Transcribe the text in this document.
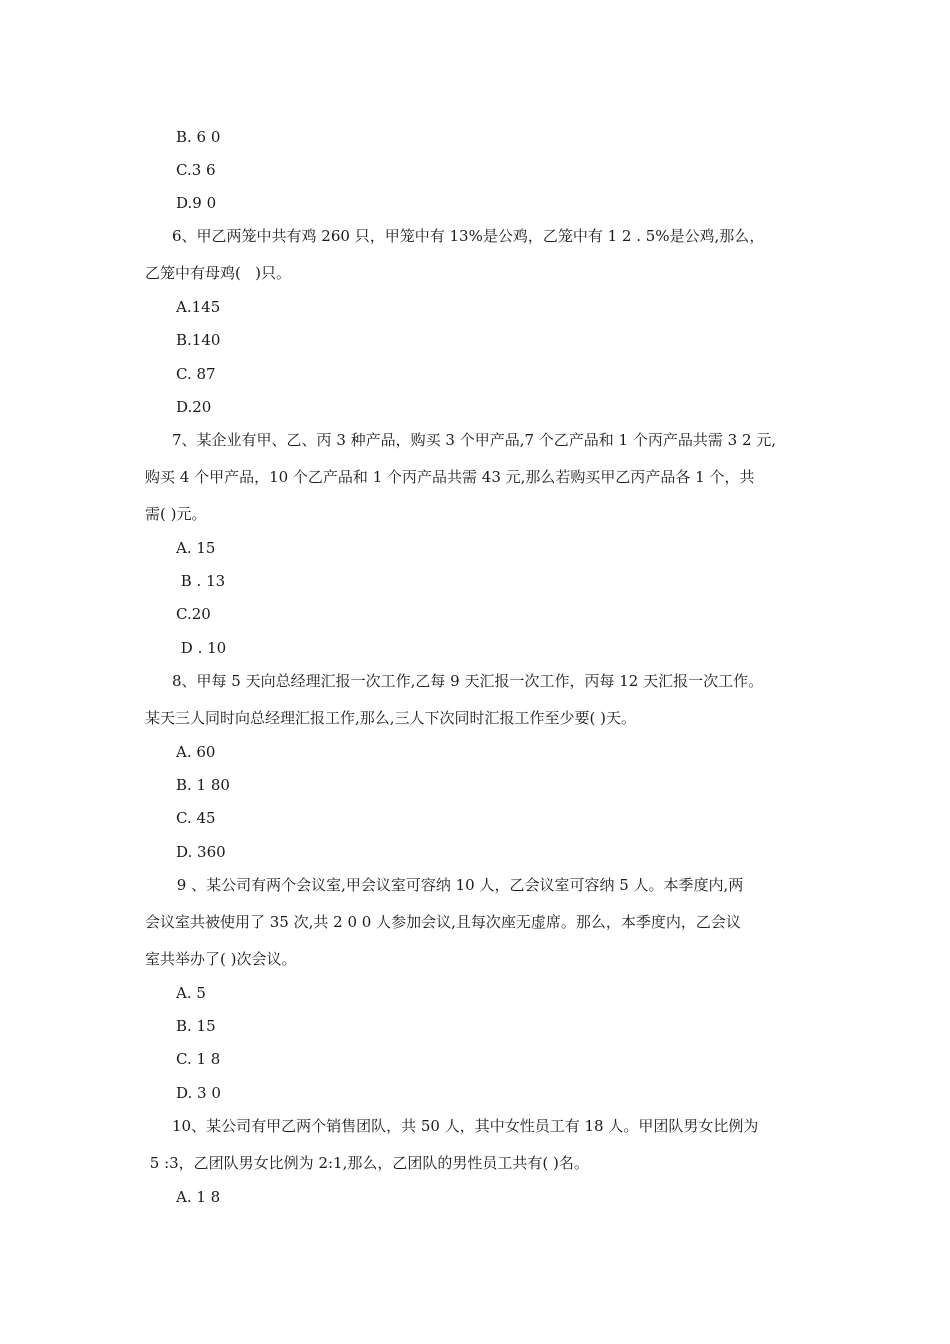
B. 6 0
C.3 6
D.9 0
6、甲乙两笼中共有鸡 260 只，甲笼中有 13%是公鸡，乙笼中有 1 2 . 5%是公鸡,那么，
乙笼中有母鸡(   )只。
A.145
B.140
C. 87
D.20
7、某企业有甲、乙、丙 3 种产品，购买 3 个甲产品,7 个乙产品和 1 个丙产品共需 3 2 元,
购买 4 个甲产品，10 个乙产品和 1 个丙产品共需 43 元,那么若购买甲乙丙产品各 1 个，共
需( )元。
A. 15
B . 13
C.20
D . 10
8、甲每 5 天向总经理汇报一次工作,乙每 9 天汇报一次工作，丙每 12 天汇报一次工作。
某天三人同时向总经理汇报工作,那么,三人下次同时汇报工作至少要( )天。
A. 60
B. 1 80
C. 45
D. 360
9 、某公司有两个会议室,甲会议室可容纳 10 人，乙会议室可容纳 5 人。本季度内,两
会议室共被使用了 35 次,共 2 0 0 人参加会议,且每次座无虚席。那么，本季度内，乙会议
室共举办了( )次会议。
A. 5
B. 15
C. 1 8
D. 3 0
10、某公司有甲乙两个销售团队，共 50 人，其中女性员工有 18 人。甲团队男女比例为
5 :3，乙团队男女比例为 2:1,那么，乙团队的男性员工共有( )名。
A. 1 8
